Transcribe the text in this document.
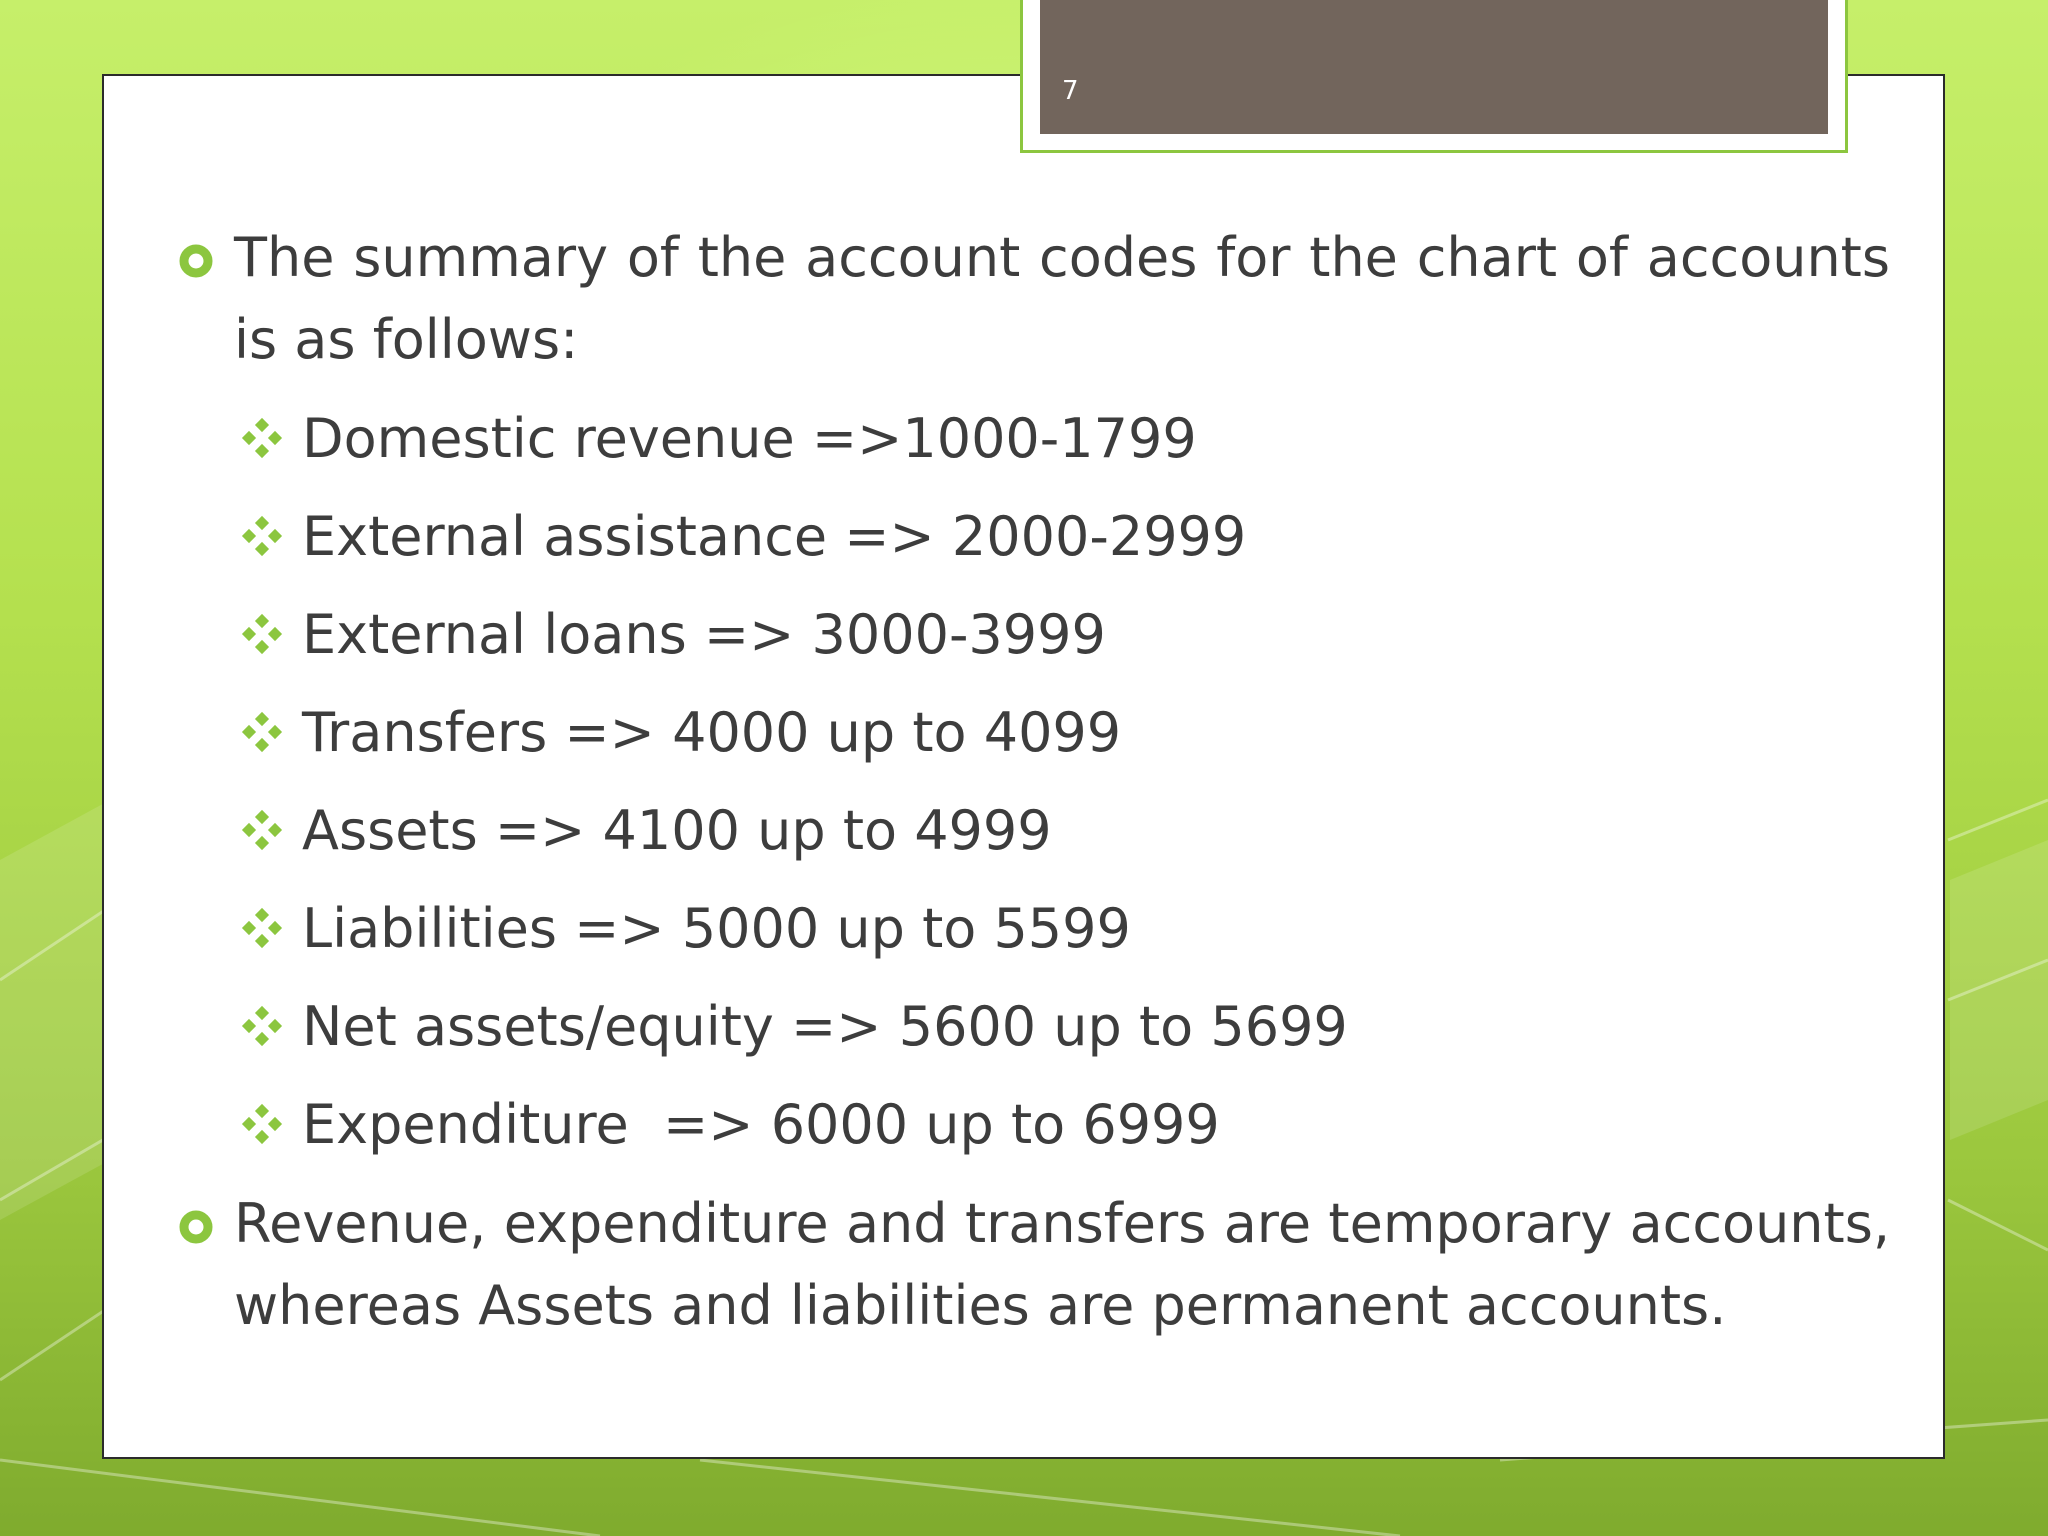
7
The summary of the account codes for the chart of accounts is as follows:
Domestic revenue =>1000-1799
External assistance => 2000-2999
External loans => 3000-3999
Transfers => 4000 up to 4099
Assets => 4100 up to 4999
Liabilities => 5000 up to 5599
Net assets/equity => 5600 up to 5699
Expenditure  => 6000 up to 6999
Revenue, expenditure and transfers are temporary accounts, whereas Assets and liabilities are permanent accounts.
